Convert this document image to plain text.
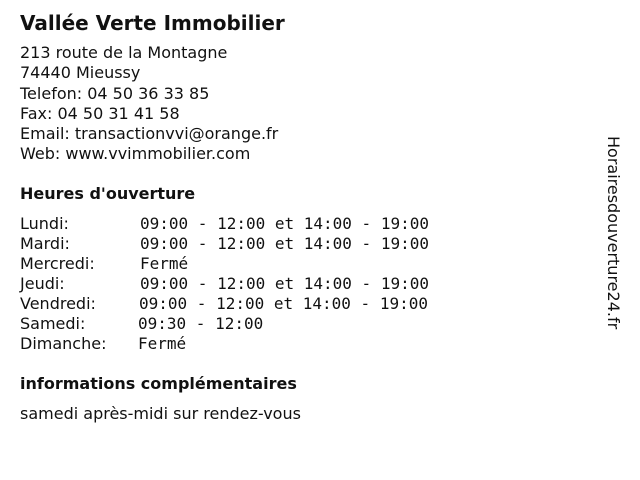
Vallée Verte Immobilier
213 route de la Montagne
74440 Mieussy
Telefon: 04 50 36 33 85
Fax: 04 50 31 41 58
Email: transactionvvi@orange.fr
Web: www.vvimmobilier.com
Heures d'ouverture
Lundi:	09:00 - 12:00 et 14:00 - 19:00
Mardi:	09:00 - 12:00 et 14:00 - 19:00
Mercredi:	Fermé
Jeudi:	09:00 - 12:00 et 14:00 - 19:00
Vendredi:	09:00 - 12:00 et 14:00 - 19:00
Samedi:	09:30 - 12:00
Dimanche: Fermé
informations complémentaires
samedi après-midi sur rendez-vous
Horairesdouverture24.fr
